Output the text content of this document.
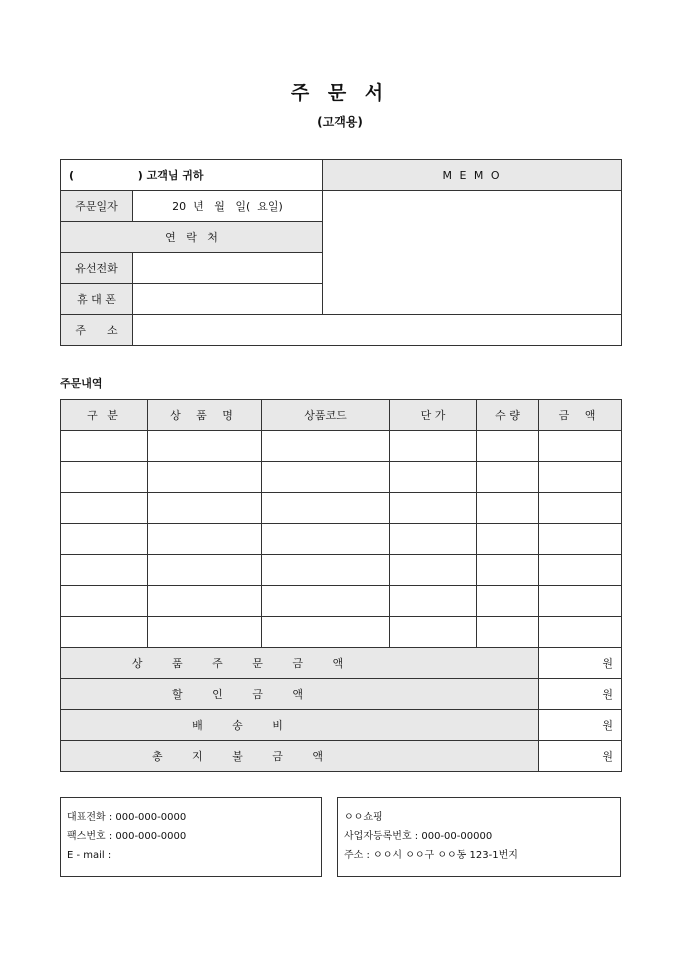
주 문 서
(고객용)
( ) 고객님 귀하		M E M O
주문일자	20  년   월   일(  요일)	
연   락   처		
유선전화		
휴 대 폰		
주      소		
주문내역
구 분	상 품 명	상품코드	단 가	수 량	금 액

상 품 주 문 금 액					원
할 인 금 액					원
배 송 비					원
총 지 불 금 액					원
대표전화 : 000-000-0000
팩스번호 : 000-000-0000
E - mail :
ㅇㅇ쇼핑
사업자등록번호 : 000-00-00000
주소 : ㅇㅇ시 ㅇㅇ구 ㅇㅇ동 123-1번지
